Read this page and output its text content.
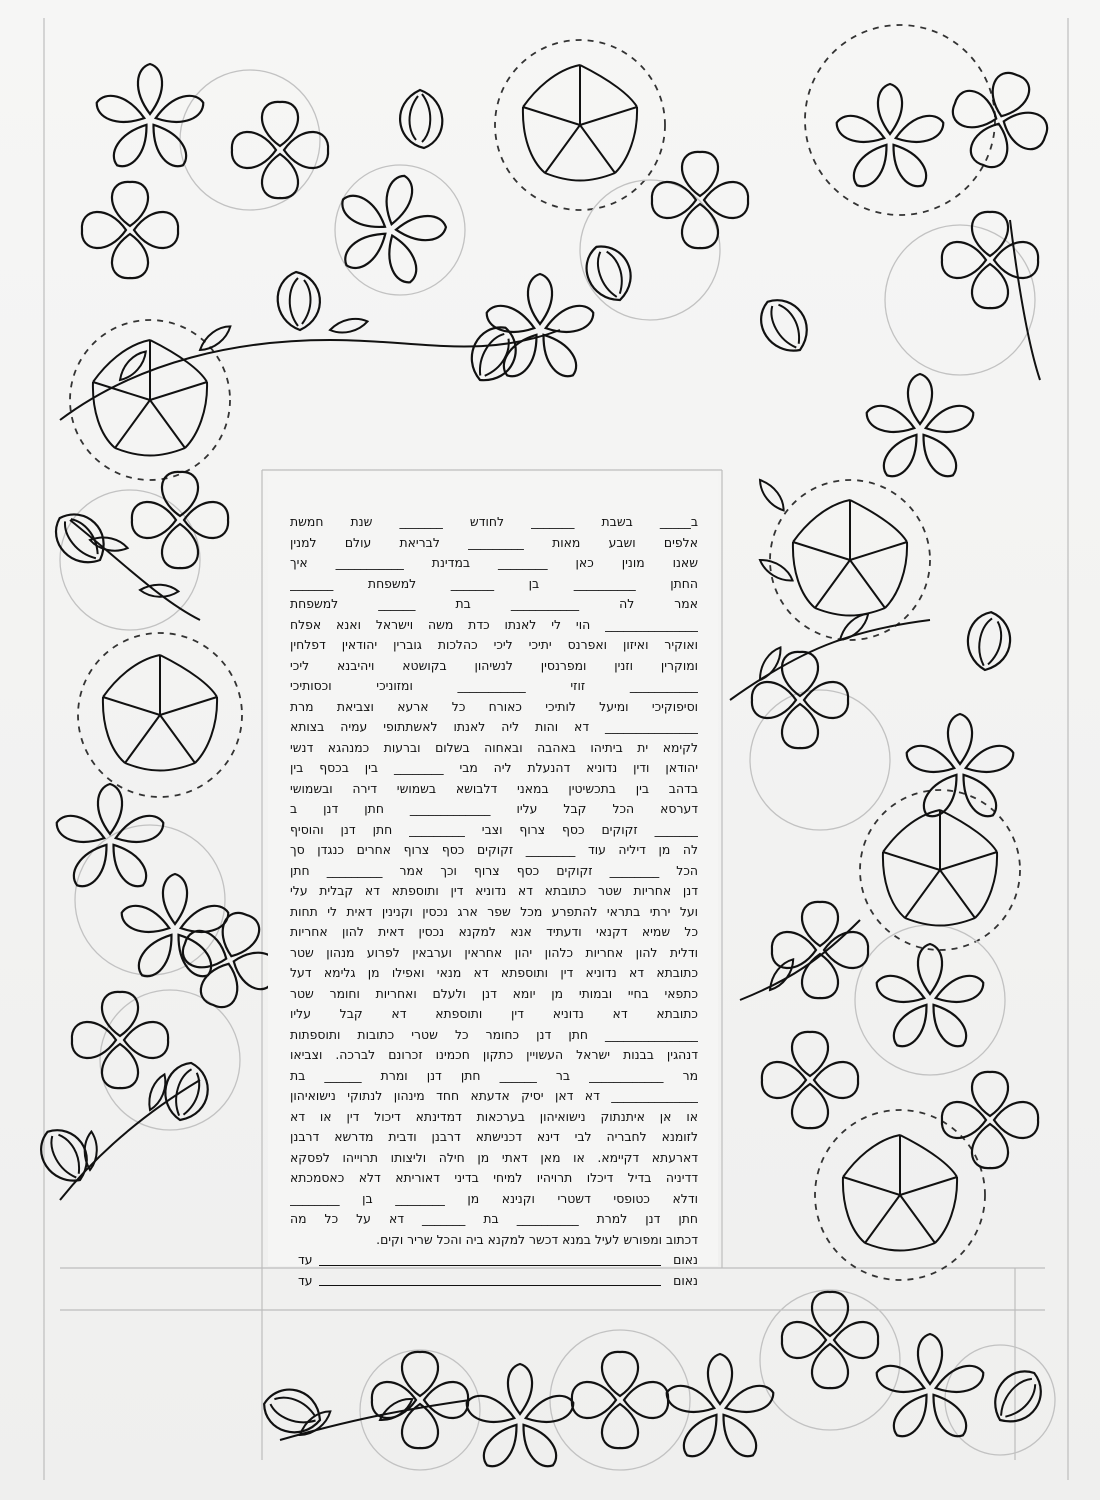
ב_____ בשבת _______ לחודש _______ שנת חמשת
אלפים ושבע מאות _________ לבריאת עולם למנין
שאנו מונין כאן ________ במדינת ___________ איך
החתן __________ בן _______ למשפחת _______
אמר לה ___________ בת ______ למשפחת
_______________ הוי לי לאנתו כדת משה וישראל ואנא אפלח
ואוקיר ואיזון ואפרנס יתיכי ליכי כהלכות גוברין יהודאין דפלחין
ומוקרין וזנין ומפרנסין לנשיהון בקושטא ויהיבנא ליכי
___________ זוזי ___________ ומזוניכי וכסותיכי
וסיפוקיכי ומיעל לותיכי כאורח כל ארעא וצביאת מרת
_______________ דא והות ליה לאנתו לאשתתופי עמיה בצותא
לקימא ית ביתיהו באהבה ובאחוה בשלום וברעות כמנהגא דנשי
יהודאן ודין נדוניא דהנעלת ליה מבי ________ בין בכסף בין
בדהב בין בתכשיטין במאני דלבושא בשמושי דירה ובשמושי
דערסא הכל קבל עליו _____________ חתן דנן ב
_______ זקוקים כסף צרוף וצבי _________ חתן דנן והוסיף
לה מן דיליה עוד ________ זקוקים כסף צרוף אחרים כנגדן סך
הכל ________ זקוקים כסף צרוף וכך אמר _________ חתן
דנן אחריות שטר כתובתא דא נדוניא דין ותוספתא דא קבלית עלי
ועל ירתי בתראי להתפרע מכל שפר ארג נכסין וקנינין דאית לי תחות
כל שמיא דקנאי ודעתיד אנא למקנא נכסין דאית להון אחריות
ודלית להון אחריות כלהון יהון אחראין וערבאין לפרוע מנהון שטר
כתובתא דא נדוניא דין ותוספתא דא מנאי ואפילו מן גלימא דעל
כתפאי בחיי ובמותי מן יומא דנן ולעלם ואחריות וחומר שטר
כתובתא דא נדוניא דין ותוספתא דא קבל עליו
_______________ חתן דנן כחומר כל שטרי כתובות ותוספתות
דנהגין בבנות ישראל העשויין כתקון חכמינו זכרונם לברכה. וצביאו
מר ____________ בר ______ חתן דנן ומרת ______ בת
______________ דא דאן יסיק אדעתא חחד מינהון לנתוקי נישואיהון
או אן איתנתוק נישואיהון בערכאות דמדינתא דיכול דין או דא
לזומנא לחבריה לבי דינא דכנישתא דרבנן ודבית מדרשא דרבנן
דארעתא דקיימא. או מאן דאתי מן חילה וליצותו תרוייהו לפסקא
דדיניה בדיל דיכלו תרויהיו למיחי בדיני דאוריתא דלא כאסמכתא
ודלא כטופסי דשטרי וקנינא מן ________ בן ________
חתן דנן למרת __________ בת _______ דא על כל מה
דכתוב ומפורש לעיל במנא דכשר למקנא ביה והכל שריר וקים.
נאום
עד
נאום
עד
